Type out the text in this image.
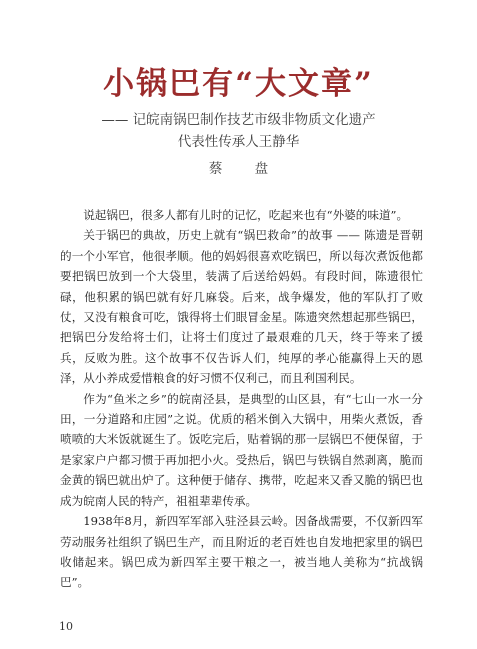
小锅巴有“大文章”
—— 记皖南锅巴制作技艺市级非物质文化遗产
代表性传承人王静华
蔡 盘

说起锅巴，很多人都有儿时的记忆，吃起来也有“外婆的味道”。

关于锅巴的典故，历史上就有“锅巴救命”的故事 —— 陈遗是晋朝的一个小军官，他很孝顺。他的妈妈很喜欢吃锅巴，所以每次煮饭他都要把锅巴放到一个大袋里，装满了后送给妈妈。有段时间，陈遗很忙碌，他积累的锅巴就有好几麻袋。后来，战争爆发，他的军队打了败仗，又没有粮食可吃，饿得将士们眼冒金星。陈遗突然想起那些锅巴，把锅巴分发给将士们，让将士们度过了最艰难的几天，终于等来了援兵，反败为胜。这个故事不仅告诉人们，纯厚的孝心能赢得上天的恩泽，从小养成爱惜粮食的好习惯不仅利己，而且利国利民。

作为“鱼米之乡”的皖南泾县，是典型的山区县，有“七山一水一分田，一分道路和庄园”之说。优质的稻米倒入大锅中，用柴火煮饭，香喷喷的大米饭就诞生了。饭吃完后，贴着锅的那一层锅巴不便保留，于是家家户户都习惯于再加把小火。受热后，锅巴与铁锅自然剥离，脆而金黄的锅巴就出炉了。这种便于储存、携带，吃起来又香又脆的锅巴也成为皖南人民的特产，祖祖辈辈传承。

1938年8月，新四军军部入驻泾县云岭。因备战需要，不仅新四军劳动服务社组织了锅巴生产，而且附近的老百姓也自发地把家里的锅巴收储起来。锅巴成为新四军主要干粮之一，被当地人美称为“抗战锅巴”。

10
